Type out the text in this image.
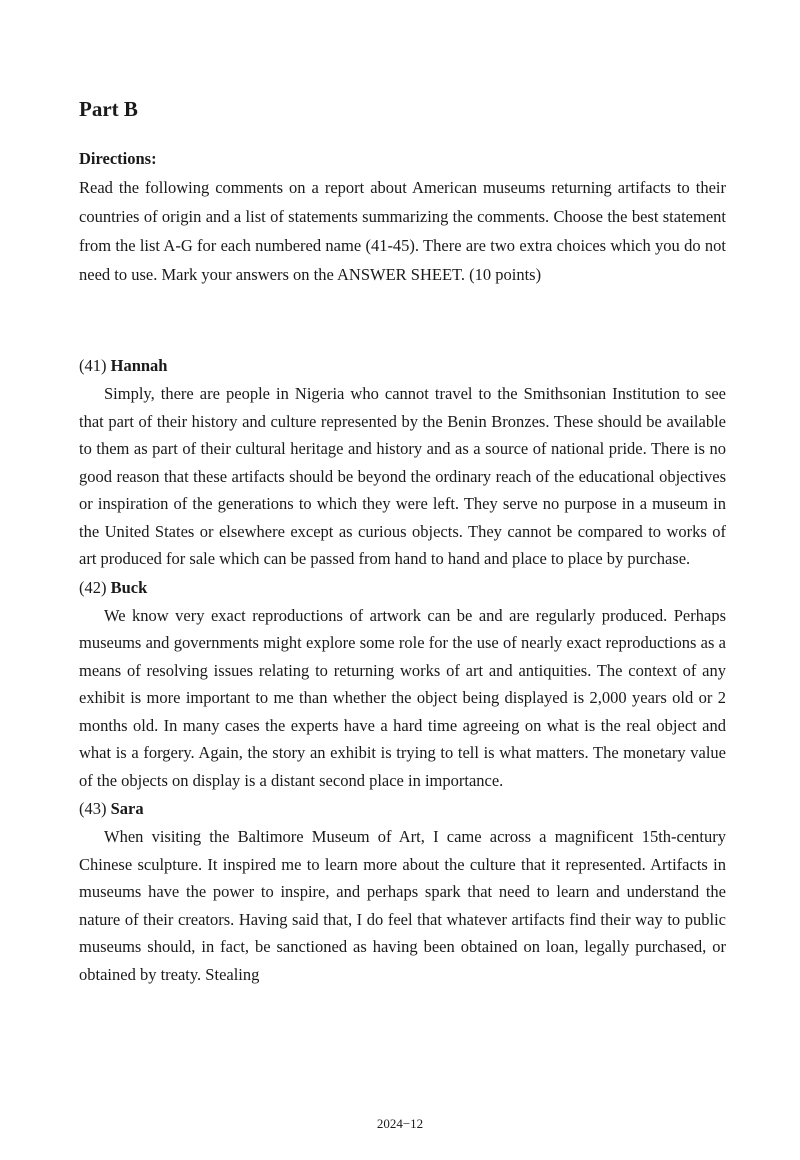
Part B

Directions:

Read the following comments on a report about American museums returning artifacts to their countries of origin and a list of statements summarizing the comments. Choose the best statement from the list A-G for each numbered name (41-45). There are two extra choices which you do not need to use. Mark your answers on the ANSWER SHEET. (10 points)

(41) Hannah

Simply, there are people in Nigeria who cannot travel to the Smithsonian Institution to see that part of their history and culture represented by the Benin Bronzes. These should be available to them as part of their cultural heritage and history and as a source of national pride. There is no good reason that these artifacts should be beyond the ordinary reach of the educational objectives or inspiration of the generations to which they were left. They serve no purpose in a museum in the United States or elsewhere except as curious objects. They cannot be compared to works of art produced for sale which can be passed from hand to hand and place to place by purchase.

(42) Buck

We know very exact reproductions of artwork can be and are regularly produced. Perhaps museums and governments might explore some role for the use of nearly exact reproductions as a means of resolving issues relating to returning works of art and antiquities. The context of any exhibit is more important to me than whether the object being displayed is 2,000 years old or 2 months old. In many cases the experts have a hard time agreeing on what is the real object and what is a forgery. Again, the story an exhibit is trying to tell is what matters. The monetary value of the objects on display is a distant second place in importance.

(43) Sara

When visiting the Baltimore Museum of Art, I came across a magnificent 15th-century Chinese sculpture. It inspired me to learn more about the culture that it represented. Artifacts in museums have the power to inspire, and perhaps spark that need to learn and understand the nature of their creators. Having said that, I do feel that whatever artifacts find their way to public museums should, in fact, be sanctioned as having been obtained on loan, legally purchased, or obtained by treaty. Stealing

2024−12
